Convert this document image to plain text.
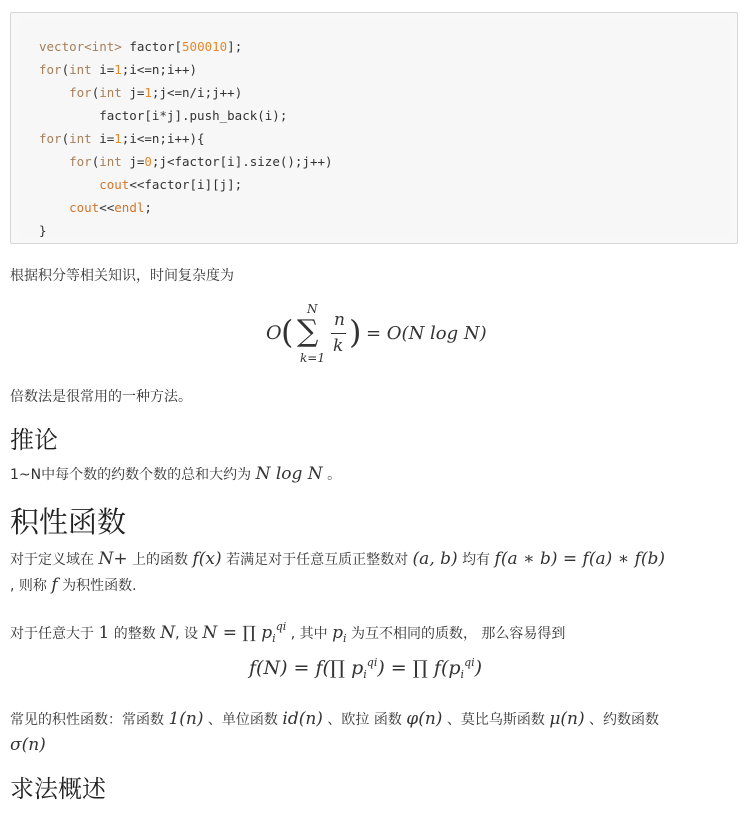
vector<int> factor[500010];
for(int i=1;i<=n;i++)
for(int j=1;j<=n/i;j++)
factor[i*j].push_back(i);
for(int i=1;i<=n;i++){
for(int j=0;j<factor[i].size();j++)
cout<<factor[i][j];
cout<<endl;
}
根据积分等相关知识，时间复杂度为
O (
N
∑
k=1
n
k ) = O(N log N)
倍数法是很常用的一种方法。
推论
1~N中每个数的约数个数的总和大约为 N log N 。
积性函数
对于定义域在 N+ 上的函数 f(x) 若满足对于任意互质正整数对 (a, b) 均有 f(a ∗ b) = f(a) ∗ f(b)
, 则称 f 为积性函数.
对于任意大于 1 的整数 N, 设 N = ∏ $p_i^{qi}$ , 其中 $p_i$ 为互不相同的质数， 那么容易得到
f(N) = f(∏ $p_i^{qi}$) = ∏ $f(p_i^{qi})$
常见的积性函数：常函数 1(n) 、单位函数 id(n) 、欧拉 函数 φ(n) 、莫比乌斯函数 μ(n) 、约数函数
σ(n)
求法概述
